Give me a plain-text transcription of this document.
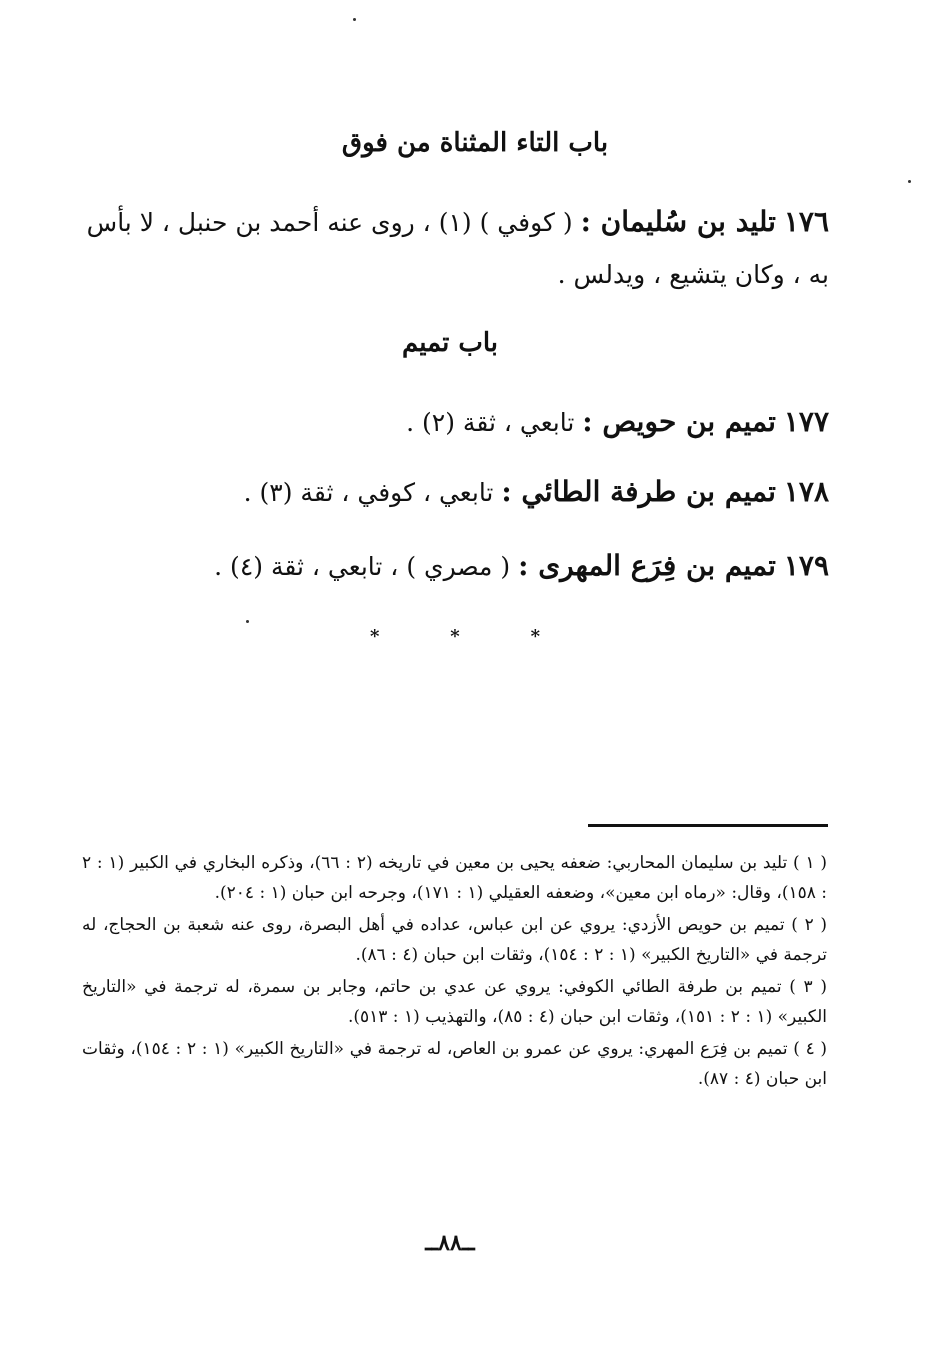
باب التاء المثناة من فوق
١٧٦ تليد بن سُليمان : ( كوفي ) (١) ، روى عنه أحمد بن حنبل ، لا بأس به ، وكان يتشيع ، ويدلس .
باب تميم
١٧٧ تميم بن حويص : تابعي ، ثقة (٢) .
١٧٨ تميم بن طرفة الطائي : تابعي ، كوفي ، ثقة (٣) .
١٧٩ تميم بن فِرَع المهرى : ( مصري ) ، تابعي ، ثقة (٤) .
*	*	*

( ١ ) تليد بن سليمان المحاربي: ضعفه يحيى بن معين في تاريخه (٢ : ٦٦)، وذكره البخاري في الكبير (١ : ٢ : ١٥٨)، وقال: «رماه ابن معين»، وضعفه العقيلي (١ : ١٧١)، وجرحه ابن حبان (١ : ٢٠٤).

( ٢ ) تميم بن حويص الأزدي: يروي عن ابن عباس، عداده في أهل البصرة، روى عنه شعبة بن الحجاج، له ترجمة في «التاريخ الكبير» (١ : ٢ : ١٥٤)، وثقات ابن حبان (٤ : ٨٦).

( ٣ ) تميم بن طرفة الطائي الكوفي: يروي عن عدي بن حاتم، وجابر بن سمرة، له ترجمة في «التاريخ الكبير» (١ : ٢ : ١٥١)، وثقات ابن حبان (٤ : ٨٥)، والتهذيب (١ : ٥١٣).

( ٤ ) تميم بن فِرَع المهري: يروي عن عمرو بن العاص، له ترجمة في «التاريخ الكبير» (١ : ٢ : ١٥٤)، وثقات ابن حبان (٤ : ٨٧).

ــ٨٨ــ
